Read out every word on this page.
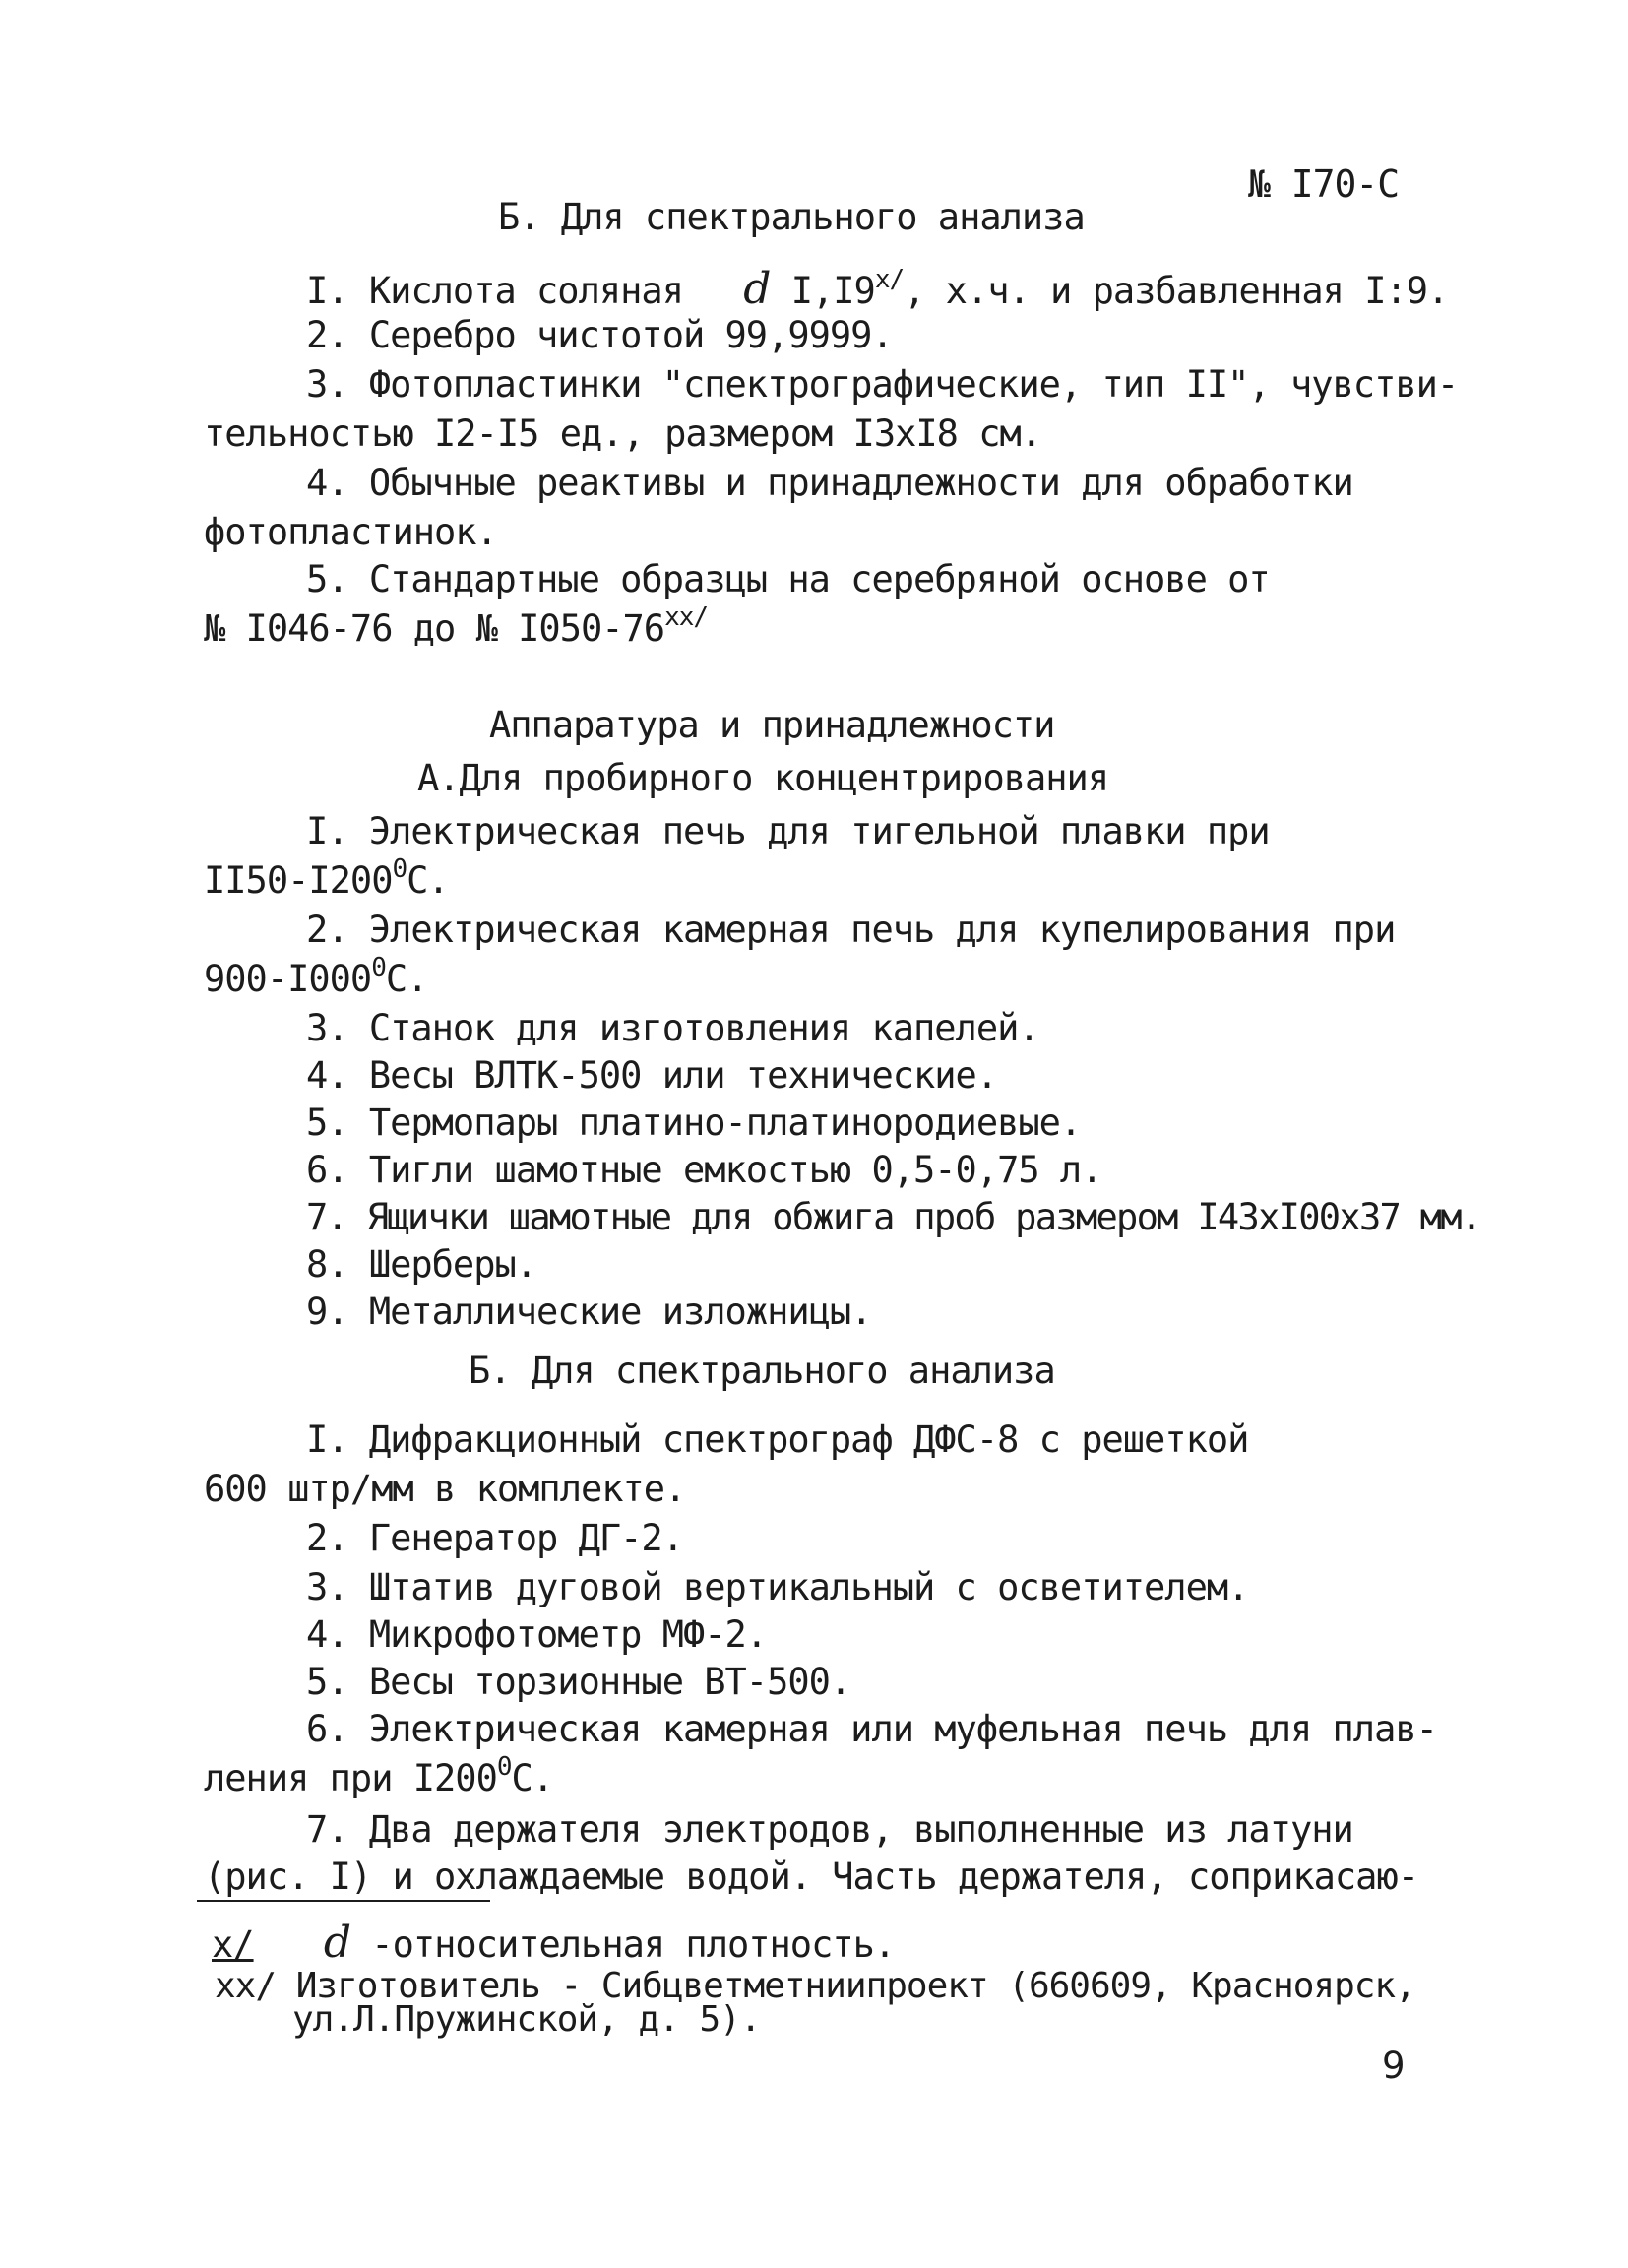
№ I70-С
Б. Для спектрального анализа
I. Кислота соляная d $I,I9^{x/}$, х.ч. и разбавленная I:9.
2. Серебро чистотой 99,9999.
3. Фотопластинки "спектрографические, тип II", чувстви-
тельностью I2-I5 ед., размером I3xI8 см.
4. Обычные реактивы и принадлежности для обработки
фотопластинок.
5. Стандартные образцы на серебряной основе от
№ I046-76 до № $I050-76^{xx/}$
Аппаратура и принадлежности
А.Для пробирного концентрирования
I. Электрическая печь для тигельной плавки при
$II50-I200^0С$.
2. Электрическая камерная печь для купелирования при
$900-I000^0С$.
3. Станок для изготовления капелей.
4. Весы ВЛТК-500 или технические.
5. Термопары платино-платинородиевые.
6. Тигли шамотные емкостью 0,5-0,75 л.
7. Ящички шамотные для обжига проб размером I43xI00x37 мм.
8. Шерберы.
9. Металлические изложницы.
Б. Для спектрального анализа
I. Дифракционный спектрограф ДФС-8 с решеткой
600 штр/мм в комплекте.
2. Генератор ДГ-2.
3. Штатив дуговой вертикальный с осветителем.
4. Микрофотометр МФ-2.
5. Весы торзионные ВТ-500.
6. Электрическая камерная или муфельная печь для плав-
ления при $I200^0С$.
7. Два держателя электродов, выполненные из латуни
(рис. I) и охлаждаемые водой. Часть держателя, соприкасаю-
x/ d -относительная плотность.
xx/ Изготовитель - Сибцветметниипроект (660609, Красноярск,
ул.Л.Пружинской, д. 5).
9
